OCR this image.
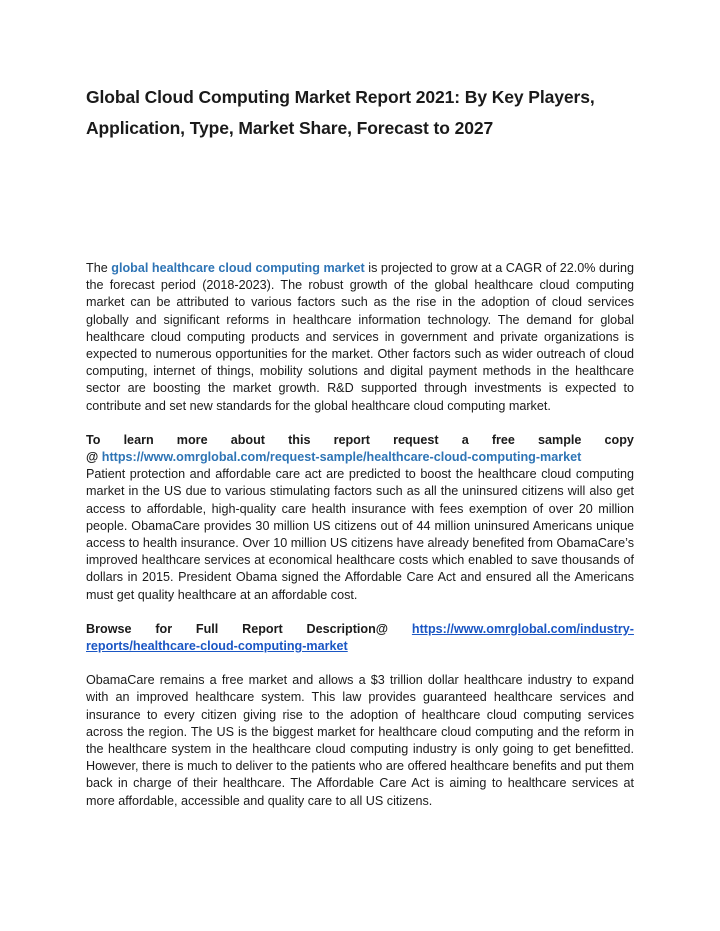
Global Cloud Computing Market Report 2021: By Key Players,
Application, Type, Market Share, Forecast to 2027

The global healthcare cloud computing market is projected to grow at a CAGR of 22.0% during the forecast period (2018-2023). The robust growth of the global healthcare cloud computing market can be attributed to various factors such as the rise in the adoption of cloud services globally and significant reforms in healthcare information technology. The demand for global healthcare cloud computing products and services in government and private organizations is expected to numerous opportunities for the market. Other factors such as wider outreach of cloud computing, internet of things, mobility solutions and digital payment methods in the healthcare sector are boosting the market growth. R&D supported through investments is expected to contribute and set new standards for the global healthcare cloud computing market.

To learn more about this report request a free sample copy

@ https://www.omrglobal.com/request-sample/healthcare-cloud-computing-market

Patient protection and affordable care act are predicted to boost the healthcare cloud computing market in the US due to various stimulating factors such as all the uninsured citizens will also get access to affordable, high-quality care health insurance with fees exemption of over 20 million people. ObamaCare provides 30 million US citizens out of 44 million uninsured Americans unique access to health insurance. Over 10 million US citizens have already benefited from ObamaCare’s improved healthcare services at economical healthcare costs which enabled to save thousands of dollars in 2015. President Obama signed the Affordable Care Act and ensured all the Americans must get quality healthcare at an affordable cost.

Browse for Full Report Description@ https://www.omrglobal.com/industry-

reports/healthcare-cloud-computing-market

ObamaCare remains a free market and allows a $3 trillion dollar healthcare industry to expand with an improved healthcare system. This law provides guaranteed healthcare services and insurance to every citizen giving rise to the adoption of healthcare cloud computing services across the region. The US is the biggest market for healthcare cloud computing and the reform in the healthcare system in the healthcare cloud computing industry is only going to get benefitted. However, there is much to deliver to the patients who are offered healthcare benefits and put them back in charge of their healthcare. The Affordable Care Act is aiming to healthcare services at more affordable, accessible and quality care to all US citizens.
